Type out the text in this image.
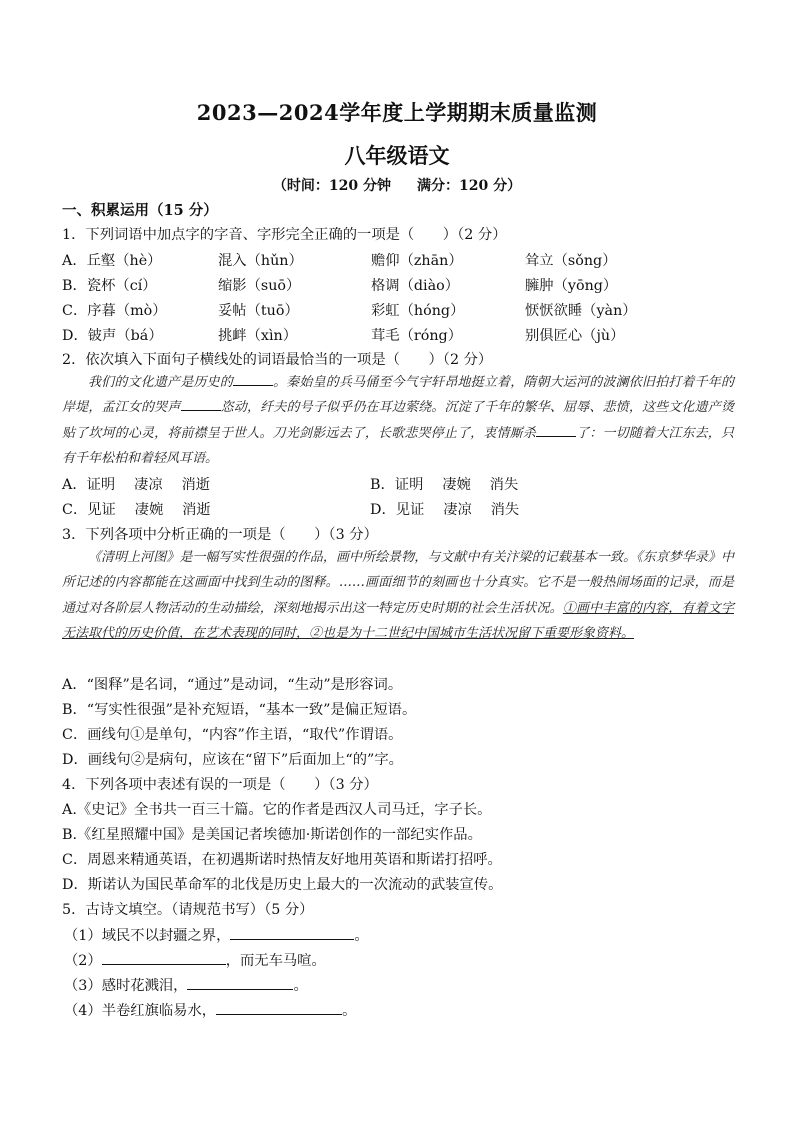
2023—2024学年度上学期期末质量监测
八年级语文
（时间：120 分钟 满分：120 分）
一、积累运用（15 分）
1．下列词语中加点字的字音、字形完全正确的一项是（　　）（2 分）
A．丘壑（hè）	混入（hǔn）	赡仰（zhān）	耸立（sǒng）
B．瓷杯（cí）	缩影（suō）	格调（diào）	臃肿（yōng）
C．序暮（mò）	妥帖（tuō）	彩虹（hóng）	恹恹欲睡（yàn）
D．铍声（bá）	挑衅（xìn）	茸毛（róng）	别俱匠心（jù）
2．依次填入下面句子横线处的词语最恰当的一项是（　　）（2 分）
我们的文化遗产是历史的	。秦始皇的兵马俑至今气宇轩昂地挺立着，隋朝大运河的波澜依旧拍打着千年的岸堤，孟江女的哭声	恣动，纤夫的号子似乎仍在耳边萦绕。沉淀了千年的繁华、屈辱、悲愤，这些文化遗产烫贴了坎坷的心灵，将前襟呈于世人。刀光剑影远去了，长歌悲哭停止了，衷情厮杀	了：一切随着大江东去，只有千年松柏和着轻风耳语。
A．证明　 凄凉　 消逝	B．证明　 凄婉　 消失
C．见证　 凄婉　 消逝	D．见证　 凄凉　 消失
3．下列各项中分析正确的一项是（　　）（3 分）
《清明上河图》是一幅写实性很强的作品，画中所绘景物，与文献中有关汴梁的记载基本一致。《东京梦华录》中所记述的内容都能在这画面中找到生动的图释。……画面细节的刻画也十分真实。它不是一般热闹场面的记录，而是通过对各阶层人物活动的生动描绘，深刻地揭示出这一特定历史时期的社会生活状况。①画中丰富的内容，有着文字无法取代的历史价值，在艺术表现的同时，②也是为十二世纪中国城市生活状况留下重要形象资料。
A．“图释”是名词，“通过”是动词，“生动”是形容词。
B．“写实性很强”是补充短语，“基本一致”是偏正短语。
C．画线句①是单句，“内容”作主语，“取代”作谓语。
D．画线句②是病句，应该在“留下”后面加上“的”字。
4．下列各项中表述有误的一项是（　　）（3 分）
A.《史记》全书共一百三十篇。它的作者是西汉人司马迁，字子长。
B.《红星照耀中国》是美国记者埃德加·斯诺创作的一部纪实作品。
C．周恩来精通英语，在初遇斯诺时热情友好地用英语和斯诺打招呼。
D．斯诺认为国民革命军的北伐是历史上最大的一次流动的武装宣传。
5．古诗文填空。（请规范书写）（5 分）
（1）域民不以封疆之界，	。
（2）	，而无车马喧。
（3）感时花溅泪，	。
（4）半卷红旗临易水，	。
